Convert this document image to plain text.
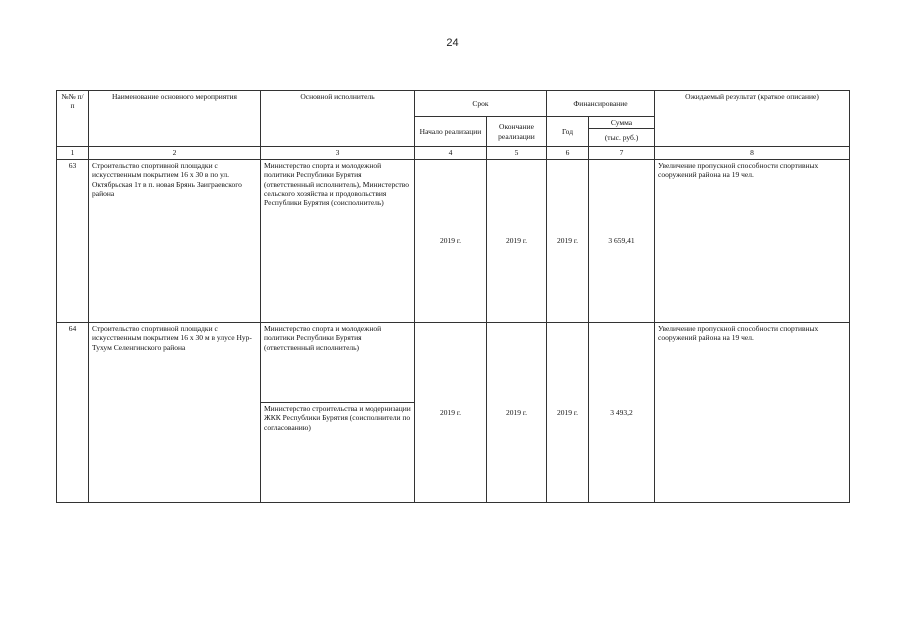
24
№№ п/п	Наименование основного мероприятия	Основной исполнитель	Срок		Финансирование		Ожидаемый результат (краткое описание)
			Начало реализации	Окончание реализации	Год	Сумма	
						(тыс. руб.)	
1	2	3	4	5	6	7	8
63	Строительство спортивной площадки с искусственным покрытием 16 х 30 в по ул. Октябрьская 1т в п. новая Брянь Заиграевского района	Министерство спорта и молодежной политики Республики Бурятия (ответственный исполнитель), Министерство сельского хозяйства и продовольствия Республики Бурятия (соисполнитель)	2019 г.	2019 г.	2019 г.	3 659,41	Увеличение пропускной способности спортивных сооружений района на 19 чел.
64	Строительство спортивной площадки с искусственным покрытием 16 х 30 м в улусе Нур-Тухум Селенгинского района	Министерство спорта и молодежной политики Республики Бурятия (ответственный исполнитель)	2019 г.	2019 г.	2019 г.	3 493,2	Увеличение пропускной способности спортивных сооружений района на 19 чел.
		Министерство строительства и модернизации ЖКК Республики Бурятия (соисполнители по согласованию)					
